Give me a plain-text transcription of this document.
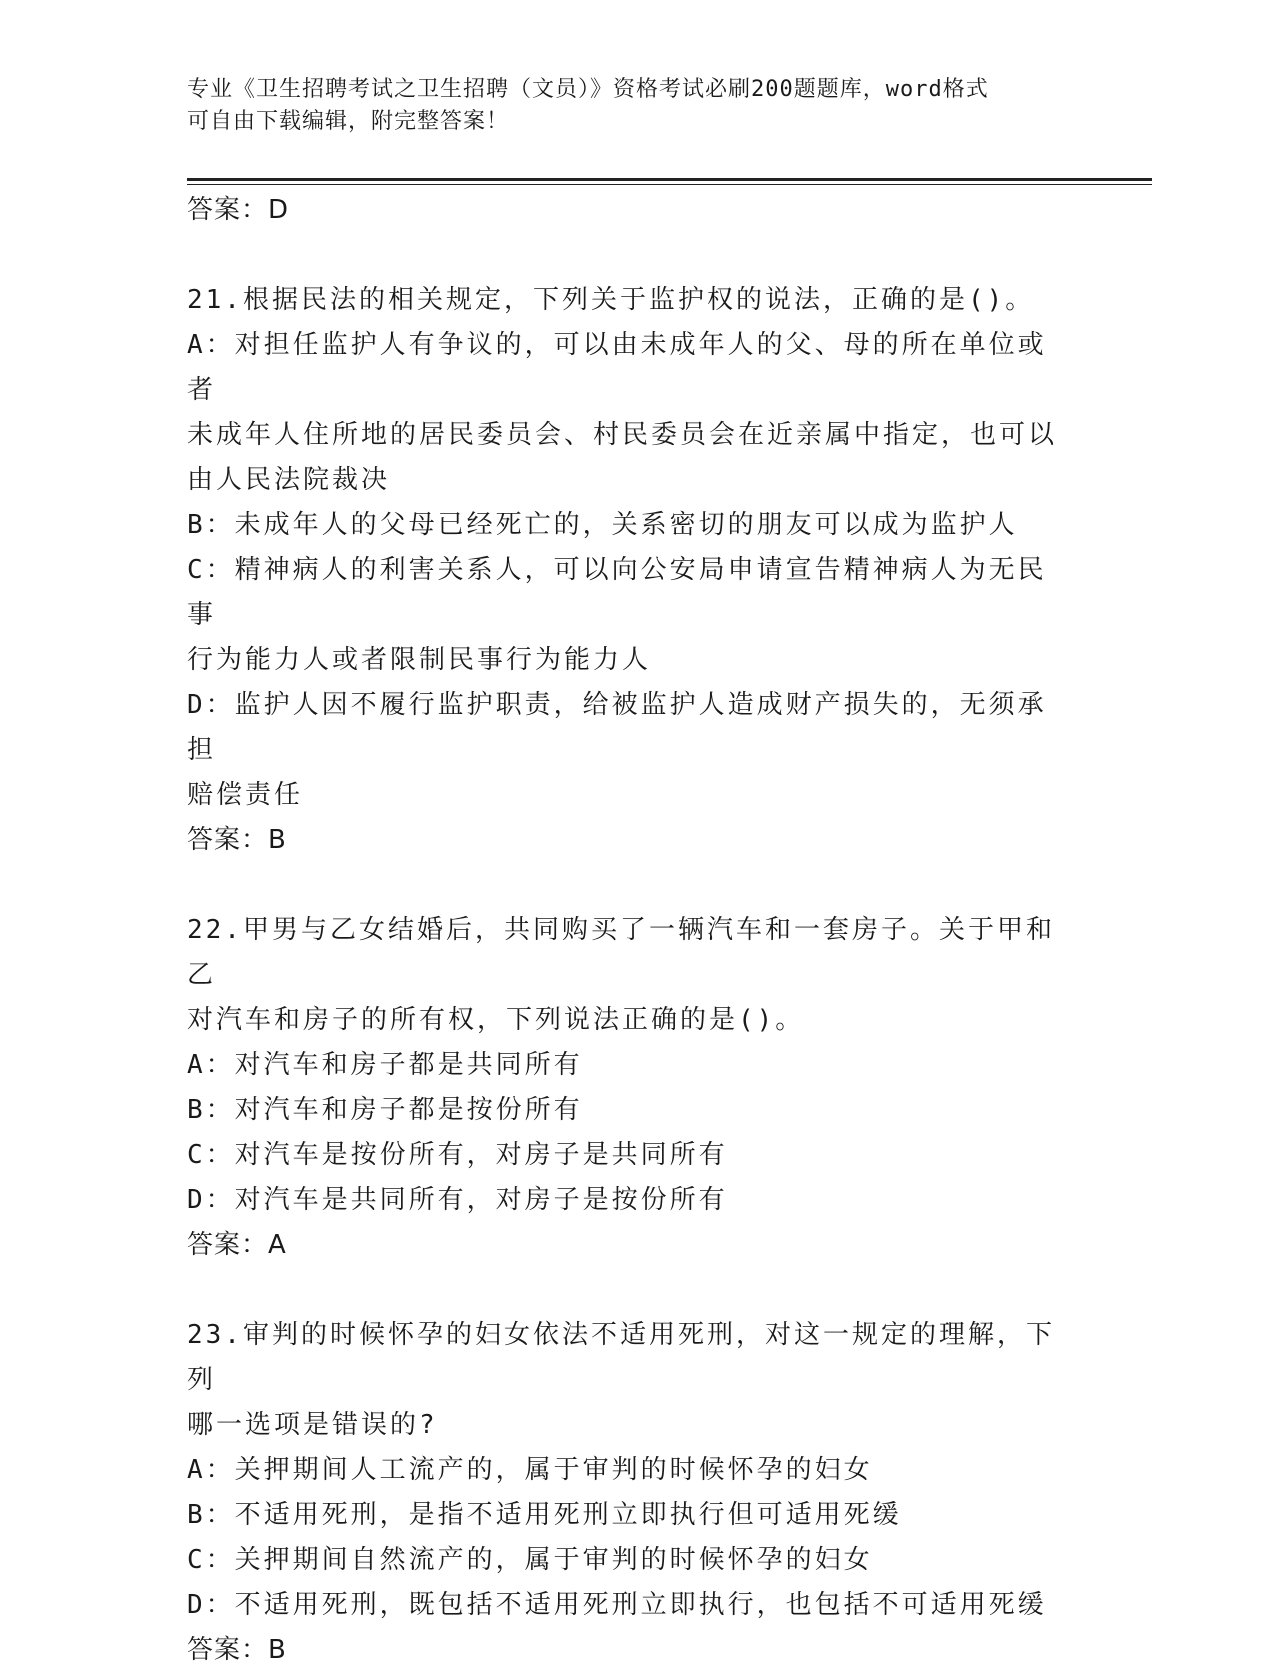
专业《卫生招聘考试之卫生招聘（文员）》资格考试必刷200题题库，word格式
可自由下载编辑，附完整答案！
答案：D
21.根据民法的相关规定，下列关于监护权的说法，正确的是()。
A：对担任监护人有争议的，可以由未成年人的父、母的所在单位或者
未成年人住所地的居民委员会、村民委员会在近亲属中指定，也可以
由人民法院裁决
B：未成年人的父母已经死亡的，关系密切的朋友可以成为监护人
C：精神病人的利害关系人，可以向公安局申请宣告精神病人为无民事
行为能力人或者限制民事行为能力人
D：监护人因不履行监护职责，给被监护人造成财产损失的，无须承担
赔偿责任
答案：B
22.甲男与乙女结婚后，共同购买了一辆汽车和一套房子。关于甲和乙
对汽车和房子的所有权，下列说法正确的是()。
A：对汽车和房子都是共同所有
B：对汽车和房子都是按份所有
C：对汽车是按份所有，对房子是共同所有
D：对汽车是共同所有，对房子是按份所有
答案：A
23.审判的时候怀孕的妇女依法不适用死刑，对这一规定的理解，下列
哪一选项是错误的?
A：关押期间人工流产的，属于审判的时候怀孕的妇女
B：不适用死刑，是指不适用死刑立即执行但可适用死缓
C：关押期间自然流产的，属于审判的时候怀孕的妇女
D：不适用死刑，既包括不适用死刑立即执行，也包括不可适用死缓
答案：B
